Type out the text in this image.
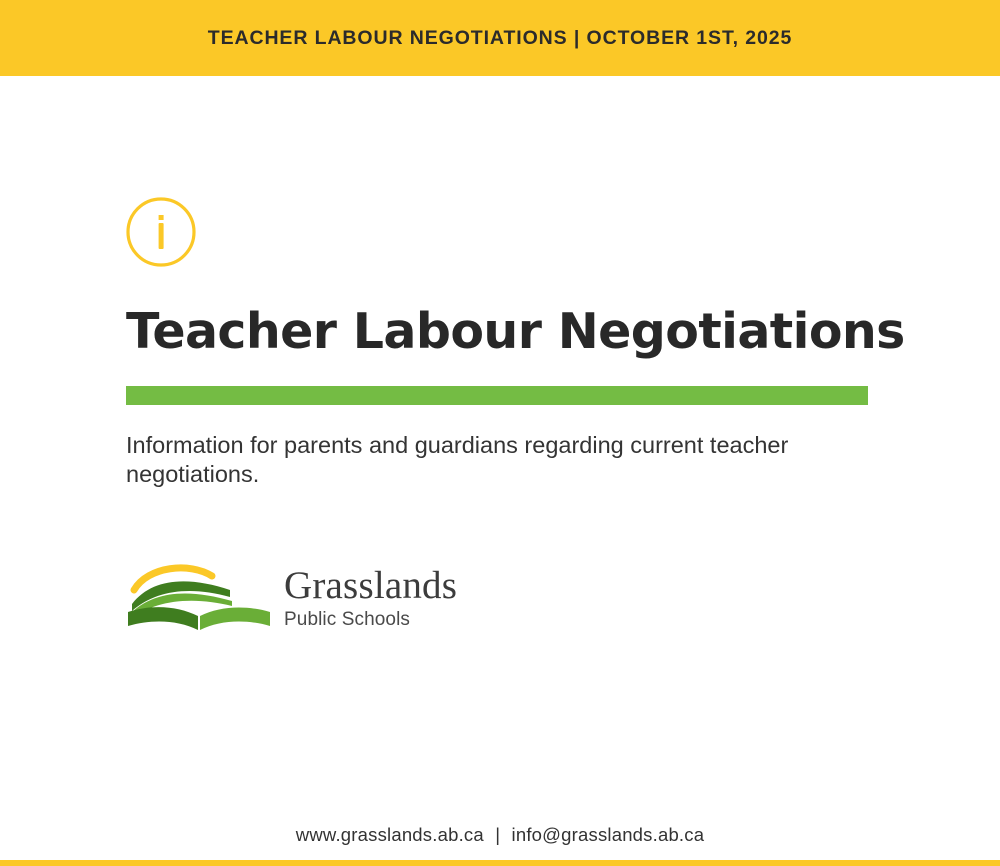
TEACHER LABOUR NEGOTIATIONS | OCTOBER 1ST, 2025
Teacher Labour Negotiations

Information for parents and guardians regarding current teacher negotiations.

Grasslands
Public Schools
www.grasslands.ab.ca | info@grasslands.ab.ca
